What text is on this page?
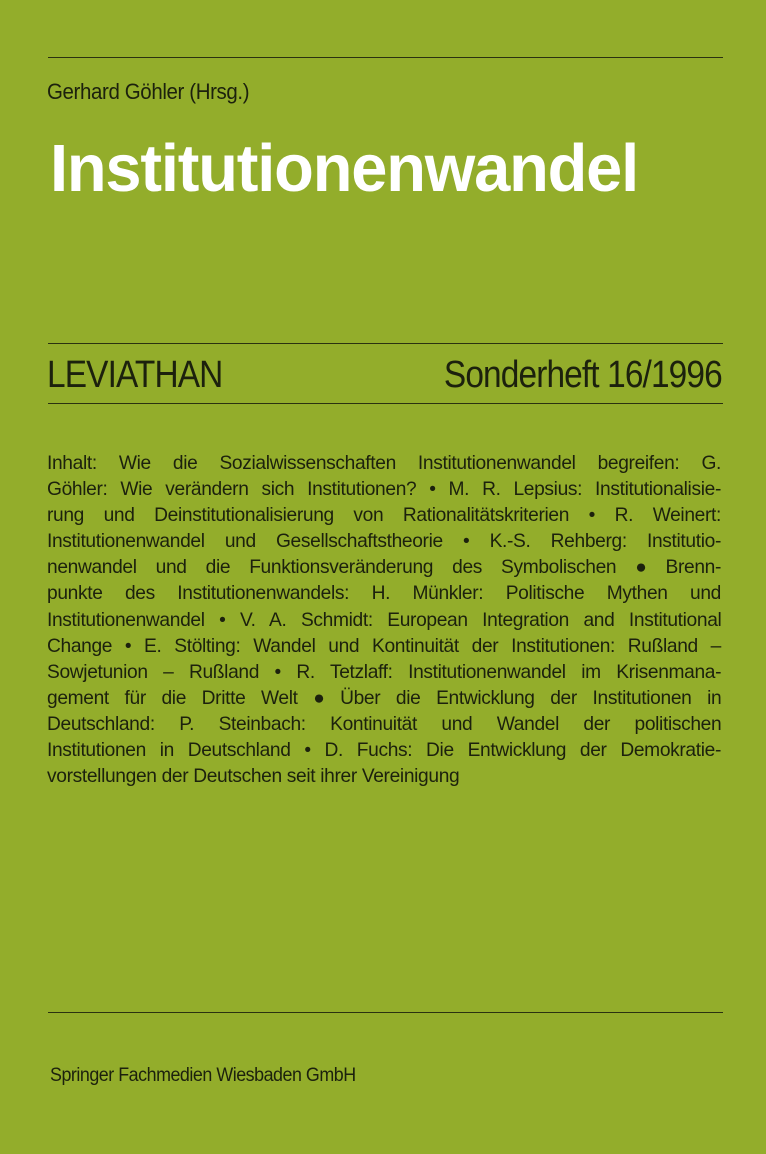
Gerhard Göhler (Hrsg.)
Institutionenwandel
LEVIATHAN	Sonderheft 16/1996
Inhalt: Wie die Sozialwissenschaften Institutionenwandel begreifen: G.
Göhler: Wie verändern sich Institutionen? • M. R. Lepsius: Institutionalisie-
rung und Deinstitutionalisierung von Rationalitätskriterien • R. Weinert:
Institutionenwandel und Gesellschaftstheorie • K.-S. Rehberg: Institutio-
nenwandel und die Funktionsveränderung des Symbolischen ● Brenn-
punkte des Institutionenwandels: H. Münkler: Politische Mythen und
Institutionenwandel • V. A. Schmidt: European Integration and Institutional
Change • E. Stölting: Wandel und Kontinuität der Institutionen: Rußland –
Sowjetunion – Rußland • R. Tetzlaff: Institutionenwandel im Krisenmana-
gement für die Dritte Welt ● Über die Entwicklung der Institutionen in
Deutschland: P. Steinbach: Kontinuität und Wandel der politischen
Institutionen in Deutschland • D. Fuchs: Die Entwicklung der Demokratie-
vorstellungen der Deutschen seit ihrer Vereinigung
Springer Fachmedien Wiesbaden GmbH
